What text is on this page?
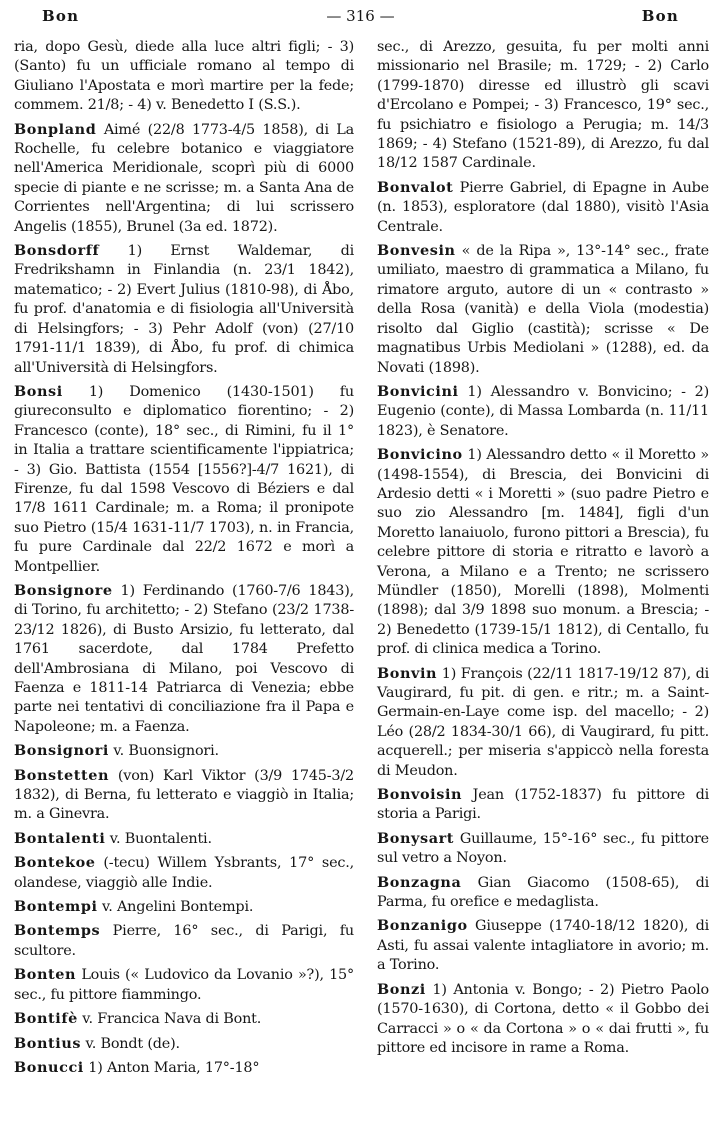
Bon	— 316 —	Bon

ria, dopo Gesù, diede alla luce altri figli; - 3) (Santo) fu un ufficiale romano al tempo di Giuliano l'Apostata e morì martire per la fede; commem. 21/8; - 4) v. Benedetto I (S.S.).

Bonpland Aimé (22/8 1773-4/5 1858), di La Rochelle, fu celebre botanico e viaggiatore nell'America Meridionale, scoprì più di 6000 specie di piante e ne scrisse; m. a Santa Ana de Corrientes nell'Argentina; di lui scrissero Angelis (1855), Brunel (3a ed. 1872).

Bonsdorff 1) Ernst Waldemar, di Fredrikshamn in Finlandia (n. 23/1 1842), matematico; - 2) Evert Julius (1810-98), di Åbo, fu prof. d'anatomia e di fisiologia all'Università di Helsingfors; - 3) Pehr Adolf (von) (27/10 1791-11/1 1839), di Åbo, fu prof. di chimica all'Università di Helsingfors.

Bonsi 1) Domenico (1430-1501) fu giureconsulto e diplomatico fiorentino; - 2) Francesco (conte), 18° sec., di Rimini, fu il 1° in Italia a trattare scientificamente l'ippiatrica; - 3) Gio. Battista (1554 [1556?]-4/7 1621), di Firenze, fu dal 1598 Vescovo di Béziers e dal 17/8 1611 Cardinale; m. a Roma; il pronipote suo Pietro (15/4 1631-11/7 1703), n. in Francia, fu pure Cardinale dal 22/2 1672 e morì a Montpellier.

Bonsignore 1) Ferdinando (1760-7/6 1843), di Torino, fu architetto; - 2) Stefano (23/2 1738-23/12 1826), di Busto Arsizio, fu letterato, dal 1761 sacerdote, dal 1784 Prefetto dell'Ambrosiana di Milano, poi Vescovo di Faenza e 1811-14 Patriarca di Venezia; ebbe parte nei tentativi di conciliazione fra il Papa e Napoleone; m. a Faenza.

Bonsignori v. Buonsignori.

Bonstetten (von) Karl Viktor (3/9 1745-3/2 1832), di Berna, fu letterato e viaggiò in Italia; m. a Ginevra.

Bontalenti v. Buontalenti.

Bontekoe (-tecu) Willem Ysbrants, 17° sec., olandese, viaggiò alle Indie.

Bontempi v. Angelini Bontempi.

Bontemps Pierre, 16° sec., di Parigi, fu scultore.

Bonten Louis (« Ludovico da Lovanio »?), 15° sec., fu pittore fiammingo.

Bontifè v. Francica Nava di Bont.

Bontius v. Bondt (de).

Bonucci 1) Anton Maria, 17°-18°

sec., di Arezzo, gesuita, fu per molti anni missionario nel Brasile; m. 1729; - 2) Carlo (1799-1870) diresse ed illustrò gli scavi d'Ercolano e Pompei; - 3) Francesco, 19° sec., fu psichiatro e fisiologo a Perugia; m. 14/3 1869; - 4) Stefano (1521-89), di Arezzo, fu dal 18/12 1587 Cardinale.

Bonvalot Pierre Gabriel, di Epagne in Aube (n. 1853), esploratore (dal 1880), visitò l'Asia Centrale.

Bonvesin « de la Ripa », 13°-14° sec., frate umiliato, maestro di grammatica a Milano, fu rimatore arguto, autore di un « contrasto » della Rosa (vanità) e della Viola (modestia) risolto dal Giglio (castità); scrisse « De magnatibus Urbis Mediolani » (1288), ed. da Novati (1898).

Bonvicini 1) Alessandro v. Bonvicino; - 2) Eugenio (conte), di Massa Lombarda (n. 11/11 1823), è Senatore.

Bonvicino 1) Alessandro detto « il Moretto » (1498-1554), di Brescia, dei Bonvicini di Ardesio detti « i Moretti » (suo padre Pietro e suo zio Alessandro [m. 1484], figli d'un Moretto lanaiuolo, furono pittori a Brescia), fu celebre pittore di storia e ritratto e lavorò a Verona, a Milano e a Trento; ne scrissero Mündler (1850), Morelli (1898), Molmenti (1898); dal 3/9 1898 suo monum. a Brescia; - 2) Benedetto (1739-15/1 1812), di Centallo, fu prof. di clinica medica a Torino.

Bonvin 1) François (22/11 1817-19/12 87), di Vaugirard, fu pit. di gen. e ritr.; m. a Saint-Germain-en-Laye come isp. del macello; - 2) Léo (28/2 1834-30/1 66), di Vaugirard, fu pitt. acquerell.; per miseria s'appiccò nella foresta di Meudon.

Bonvoisin Jean (1752-1837) fu pittore di storia a Parigi.

Bonysart Guillaume, 15°-16° sec., fu pittore sul vetro a Noyon.

Bonzagna Gian Giacomo (1508-65), di Parma, fu orefice e medaglista.

Bonzanigo Giuseppe (1740-18/12 1820), di Asti, fu assai valente intagliatore in avorio; m. a Torino.

Bonzi 1) Antonia v. Bongo; - 2) Pietro Paolo (1570-1630), di Cortona, detto « il Gobbo dei Carracci » o « da Cortona » o « dai frutti », fu pittore ed incisore in rame a Roma.
